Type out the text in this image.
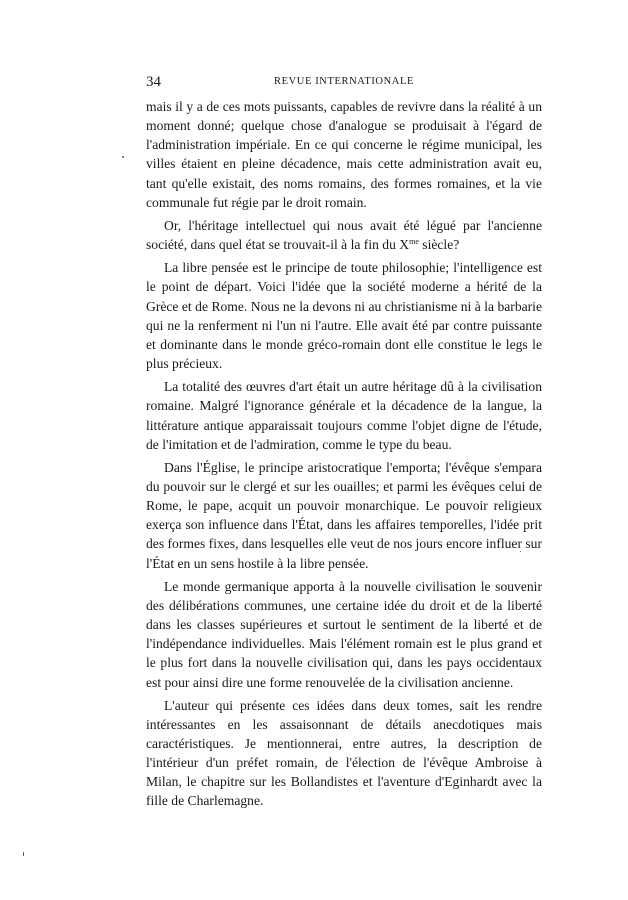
34	REVUE INTERNATIONALE

mais il y a de ces mots puissants, capables de revivre dans la réalité à un moment donné; quelque chose d'analogue se produisait à l'égard de l'administration impériale. En ce qui concerne le régime municipal, les villes étaient en pleine décadence, mais cette administration avait eu, tant qu'elle existait, des noms romains, des formes romaines, et la vie communale fut régie par le droit romain.

Or, l'héritage intellectuel qui nous avait été légué par l'ancienne société, dans quel état se trouvait-il à la fin du $X^{me}$ siècle?

La libre pensée est le principe de toute philosophie; l'intelligence est le point de départ. Voici l'idée que la société moderne a hérité de la Grèce et de Rome. Nous ne la devons ni au christianisme ni à la barbarie qui ne la renferment ni l'un ni l'autre. Elle avait été par contre puissante et dominante dans le monde gréco-romain dont elle constitue le legs le plus précieux.

La totalité des œuvres d'art était un autre héritage dû à la civilisation romaine. Malgré l'ignorance générale et la décadence de la langue, la littérature antique apparaissait toujours comme l'objet digne de l'étude, de l'imitation et de l'admiration, comme le type du beau.

Dans l'Église, le principe aristocratique l'emporta; l'évêque s'empara du pouvoir sur le clergé et sur les ouailles; et parmi les évêques celui de Rome, le pape, acquit un pouvoir monarchique. Le pouvoir religieux exerça son influence dans l'État, dans les affaires temporelles, l'idée prit des formes fixes, dans lesquelles elle veut de nos jours encore influer sur l'État en un sens hostile à la libre pensée.

Le monde germanique apporta à la nouvelle civilisation le souvenir des délibérations communes, une certaine idée du droit et de la liberté dans les classes supérieures et surtout le sentiment de la liberté et de l'indépendance individuelles. Mais l'élément romain est le plus grand et le plus fort dans la nouvelle civilisation qui, dans les pays occidentaux est pour ainsi dire une forme renouvelée de la civilisation ancienne.

L'auteur qui présente ces idées dans deux tomes, sait les rendre intéressantes en les assaisonnant de détails anecdotiques mais caractéristiques. Je mentionnerai, entre autres, la description de l'intérieur d'un préfet romain, de l'élection de l'évêque Ambroise à Milan, le chapitre sur les Bollandistes et l'aventure d'Eginhardt avec la fille de Charlemagne.
